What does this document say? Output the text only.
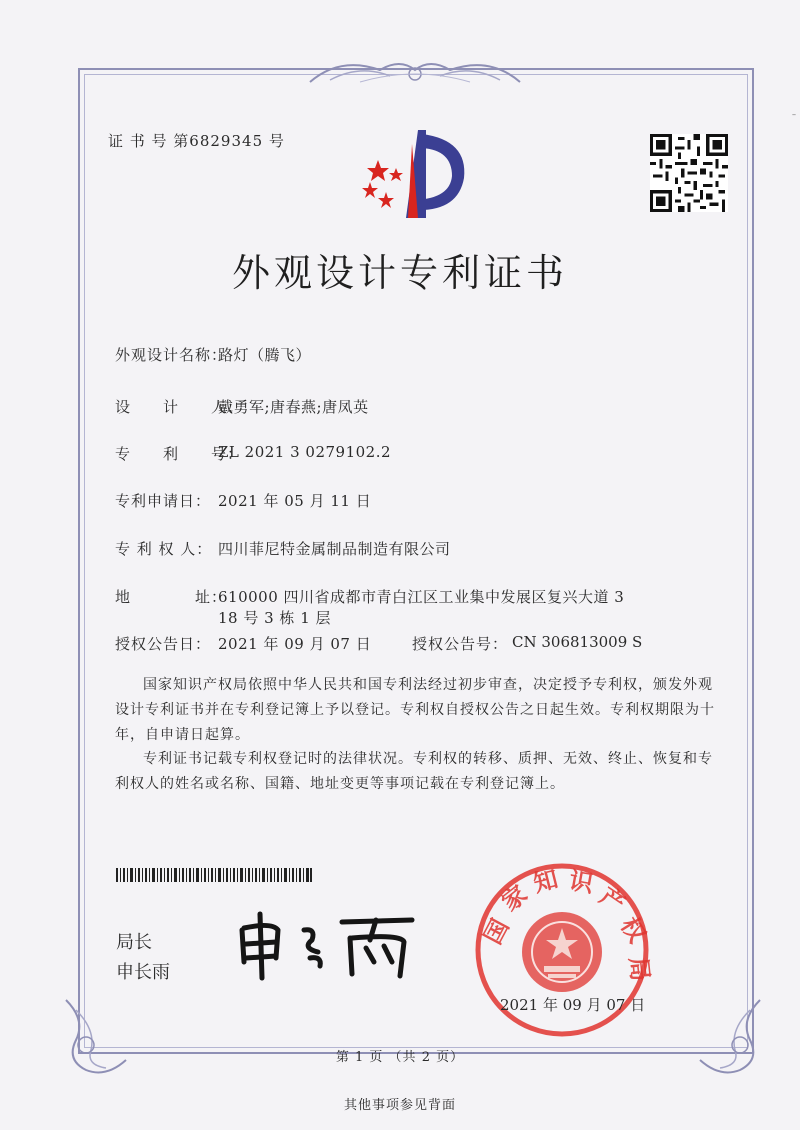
–
证 书 号 第6829345 号
外观设计专利证书
外观设计名称：
路灯（腾飞）
设　　计　　人：
戴勇军;唐春燕;唐凤英
专　　利　　号：
ZL 2021 3 0279102.2
专利申请日： 2021 年 05 月 11 日
专 利 权 人： 四川菲尼特金属制品制造有限公司
地　　　　址：
610000 四川省成都市青白江区工业集中发展区复兴大道 3
18 号 3 栋 1 层
授权公告日： 2021 年 09 月 07 日	授权公告号： CN 306813009 S
国家知识产权局依照中华人民共和国专利法经过初步审查，决定授予专利权，颁发外观
设计专利证书并在专利登记簿上予以登记。专利权自授权公告之日起生效。专利权期限为十
年，自申请日起算。
专利证书记载专利权登记时的法律状况。专利权的转移、质押、无效、终止、恢复和专
利权人的姓名或名称、国籍、地址变更等事项记载在专利登记簿上。
局长
申长雨
国
家
知 识 产
权
局
2021 年 09 月 07 日
第 1 页 （共 2 页）
其他事项参见背面
